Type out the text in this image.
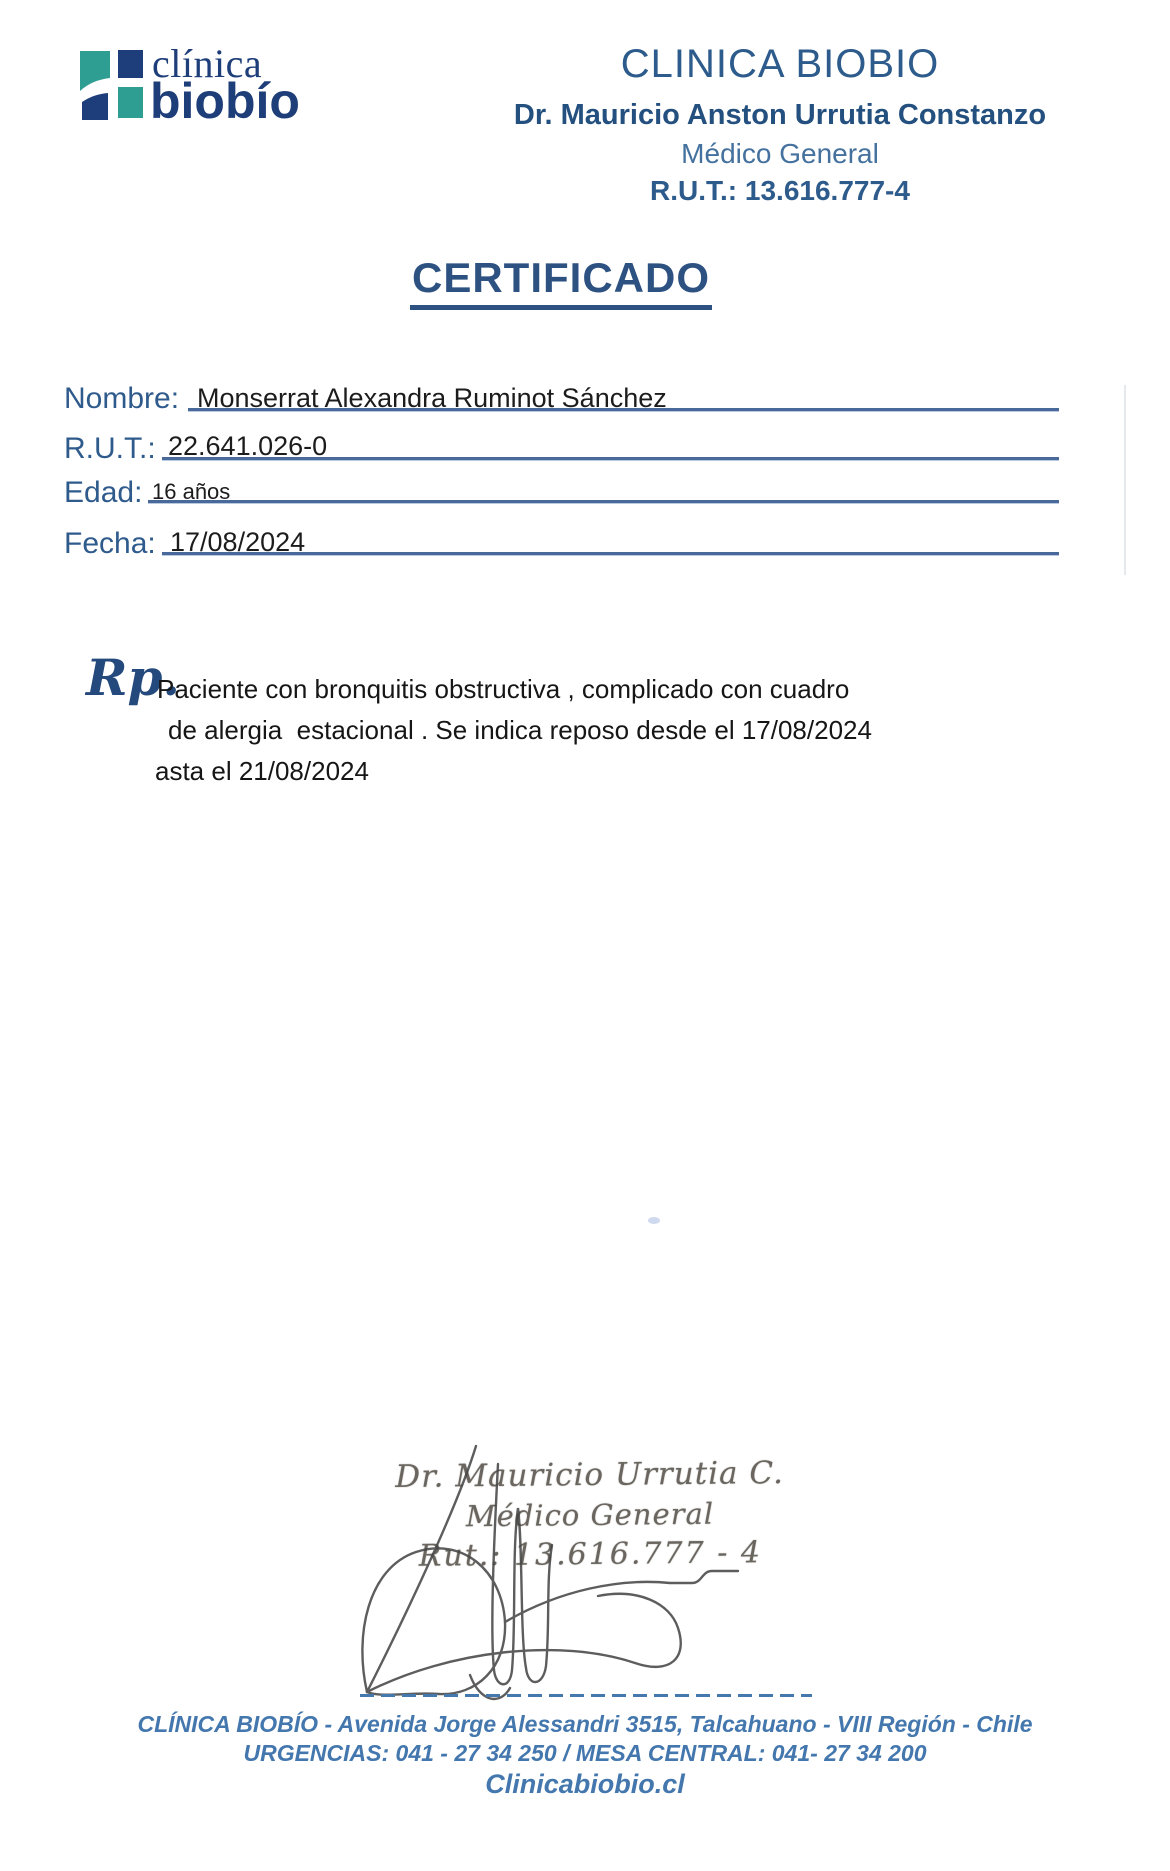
clínica
biobío
CLINICA BIOBIO
Dr. Mauricio Anston Urrutia Constanzo
Médico General
R.U.T.: 13.616.777-4
CERTIFICADO
Nombre: Monserrat Alexandra Ruminot Sánchez
R.U.T.: 22.641.026-0
Edad: 16 años
Fecha: 17/08/2024
Rp.
Paciente con bronquitis obstructiva , complicado con cuadro
de alergia  estacional . Se indica reposo desde el 17/08/2024
asta el 21/08/2024
Dr. Mauricio Urrutia C.
Médico General
Rut.: 13.616.777 - 4
CLÍNICA BIOBÍO - Avenida Jorge Alessandri 3515, Talcahuano - VIII Región - Chile
URGENCIAS: 041 - 27 34 250 / MESA CENTRAL: 041- 27 34 200
Clinicabiobio.cl
